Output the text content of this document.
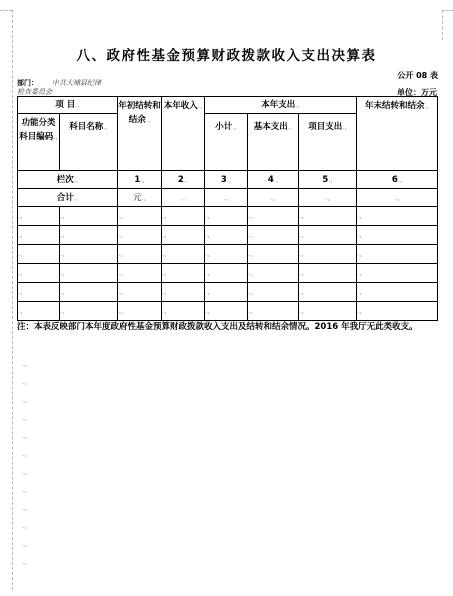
八、政府性基金预算财政拨款收入支出决算表
公开 08 表
部门： 中共大埔县纪律
检查委员会	单位：万元
项 目.,		年初结转和结余.,	本年收入.,	本年支出.,			年末结转和结余.,
功能分类科目编码.,	科目名称.,			小计.,	基本支出.,	项目支出.,	
栏次.,		1.,	2.,	3.,	4.,	5.,	6.,
合计.,		元.,	.,	.,	.,	.,	.,
.,	.,	.,	.,	.,	.,	.,	.,
.,	.,	.,	.,	.,	.,	.,	.,
.,	.,	.,	.,	.,	.,	.,	.,
.,	.,	.,	.,	.,	.,	.,	.,
.,	.,	.,	.,	.,	.,	.,	.,
.,	.,	.,	.,	.,	.,	.,	.,
注：本表反映部门本年度政府性基金预算财政拨款收入支出及结转和结余情况。2016 年我厅无此类收支。
.,
.,
.,
.,
.,
.,
.,
.,
.,
.,
.,
.,
